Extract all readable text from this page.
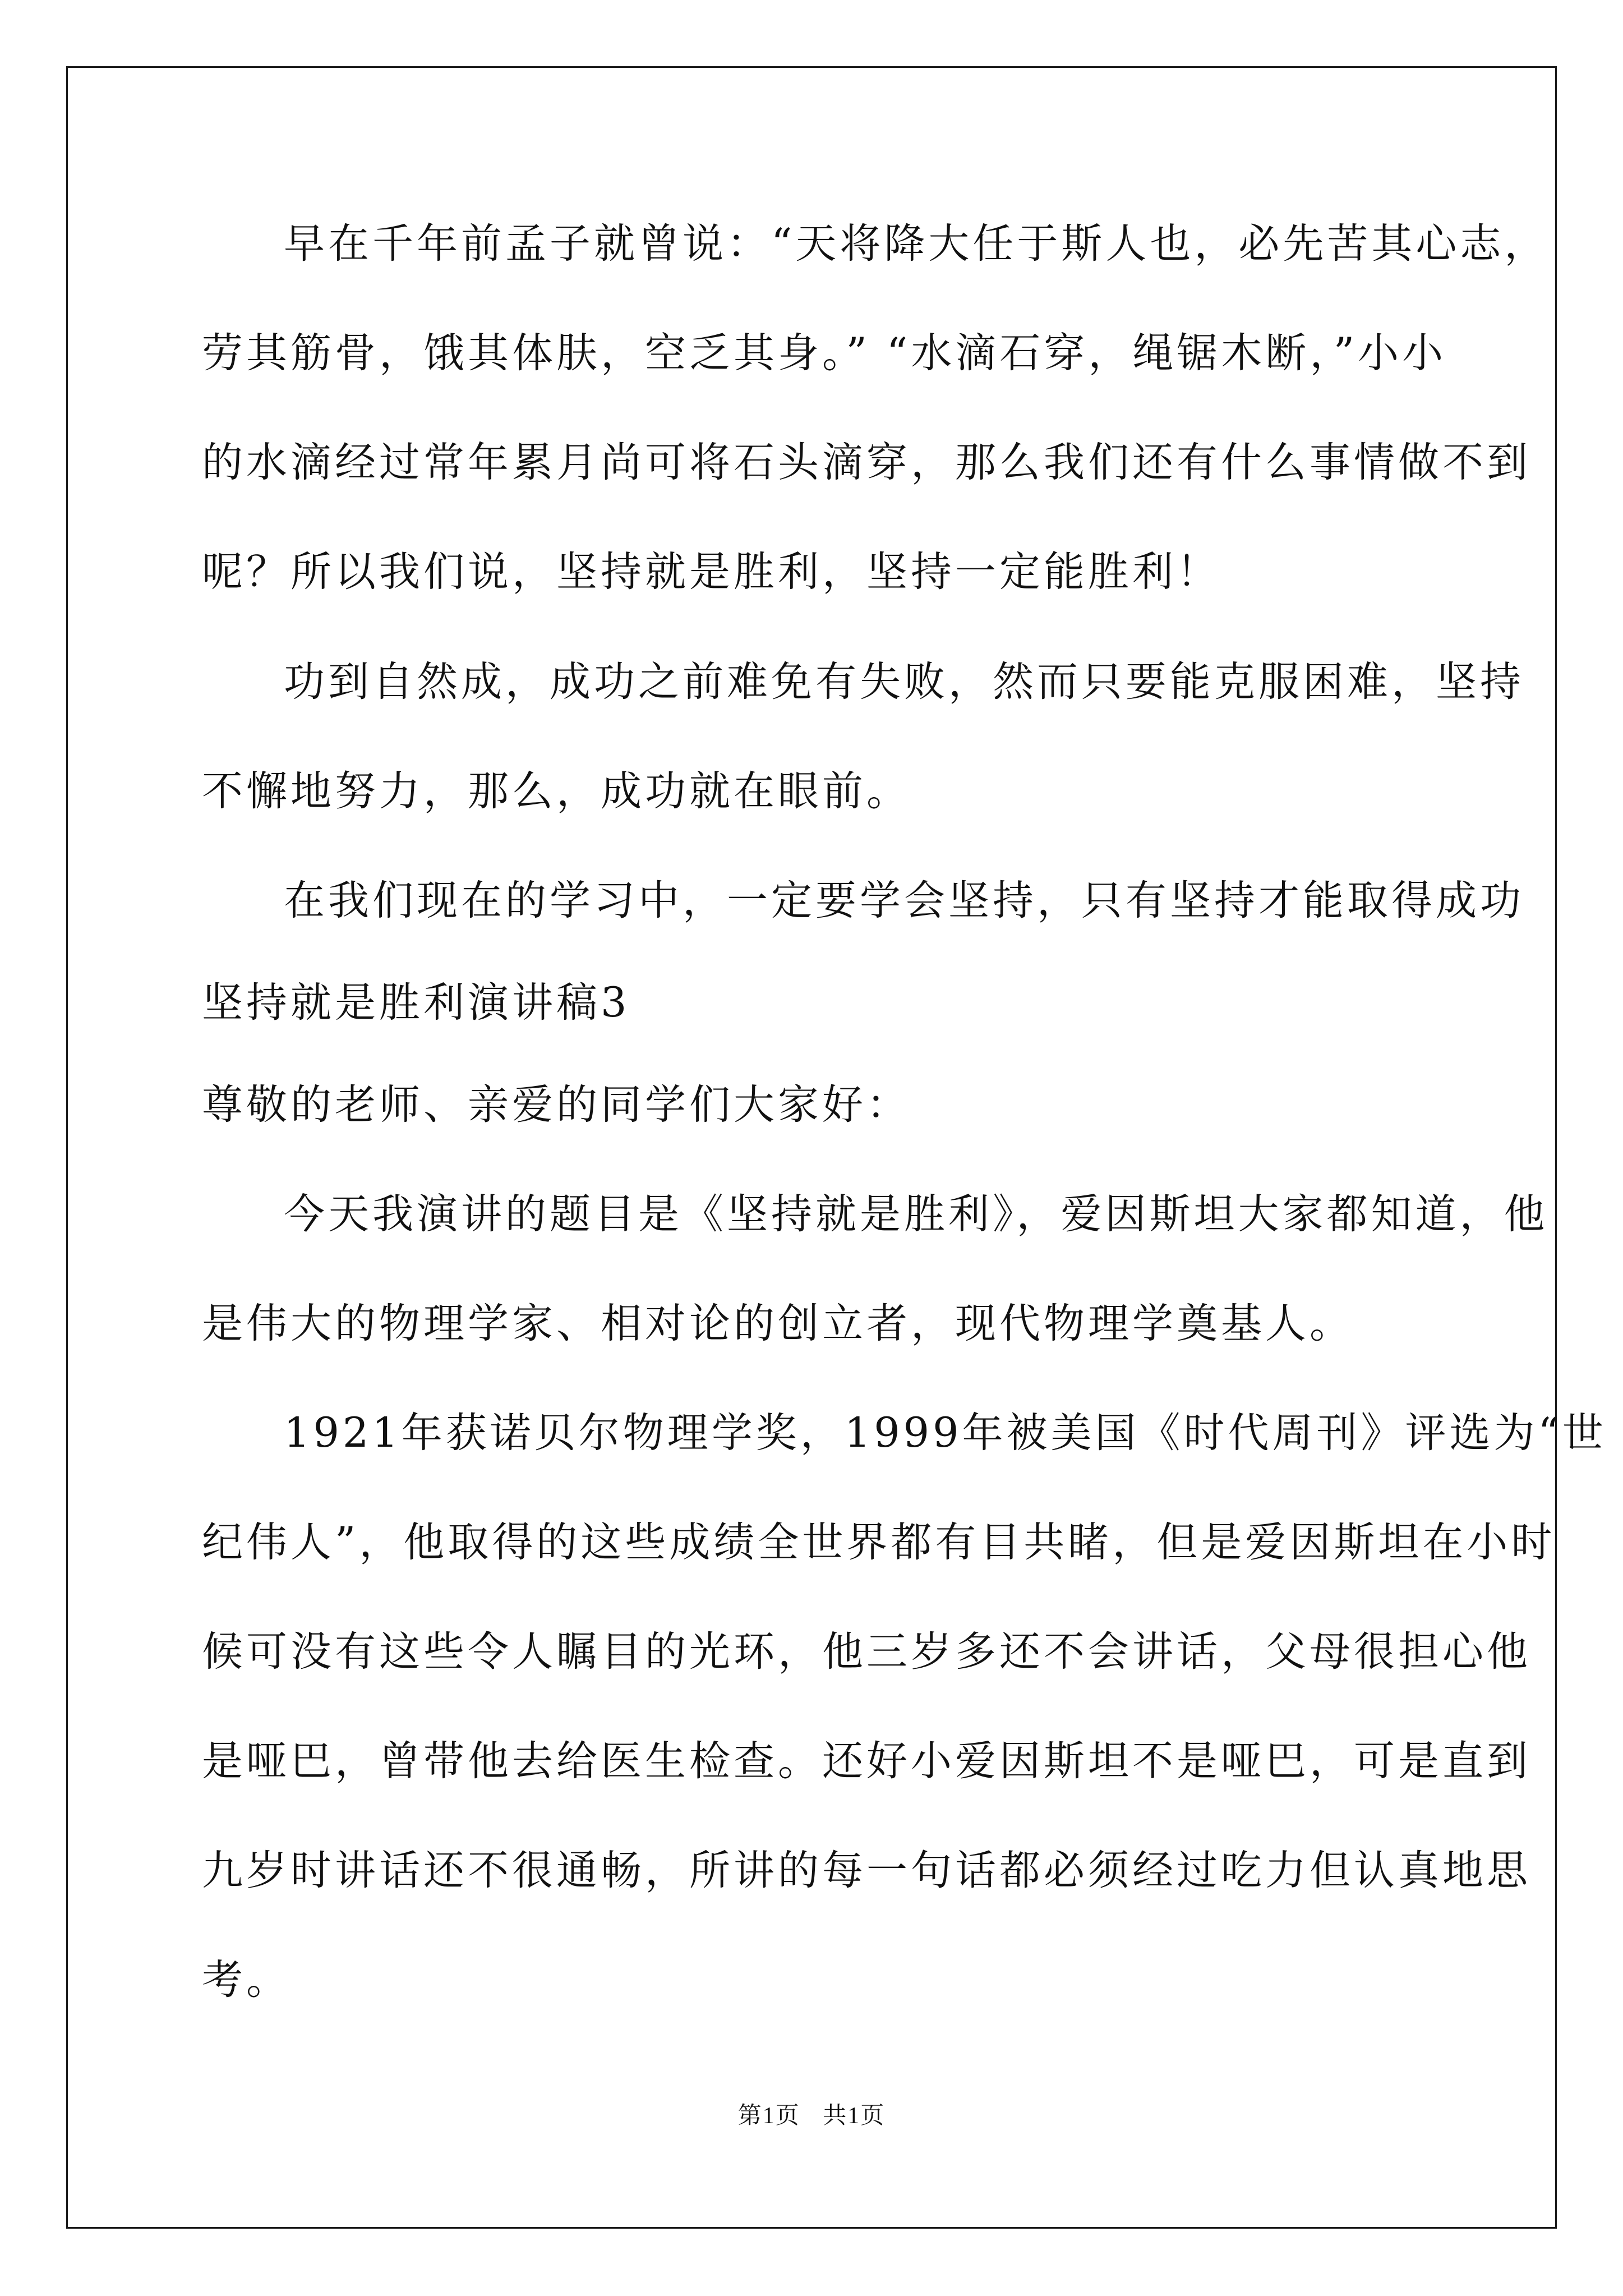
早在千年前孟子就曾说：“天将降大任于斯人也，必先苦其心志，
劳其筋骨，饿其体肤，空乏其身。” “水滴石穿，绳锯木断，”小小
的水滴经过常年累月尚可将石头滴穿，那么我们还有什么事情做不到
呢？所以我们说，坚持就是胜利，坚持一定能胜利！
功到自然成，成功之前难免有失败，然而只要能克服困难，坚持
不懈地努力，那么，成功就在眼前。
在我们现在的学习中，一定要学会坚持，只有坚持才能取得成功
坚持就是胜利演讲稿3
尊敬的老师、亲爱的同学们大家好：
今天我演讲的题目是《坚持就是胜利》，爱因斯坦大家都知道，他
是伟大的物理学家、相对论的创立者，现代物理学奠基人。
1921年获诺贝尔物理学奖，1999年被美国《时代周刊》评选为“世
纪伟人”，他取得的这些成绩全世界都有目共睹，但是爱因斯坦在小时
候可没有这些令人瞩目的光环，他三岁多还不会讲话，父母很担心他
是哑巴，曾带他去给医生检查。还好小爱因斯坦不是哑巴，可是直到
九岁时讲话还不很通畅，所讲的每一句话都必须经过吃力但认真地思
考。
第1页 共1页
